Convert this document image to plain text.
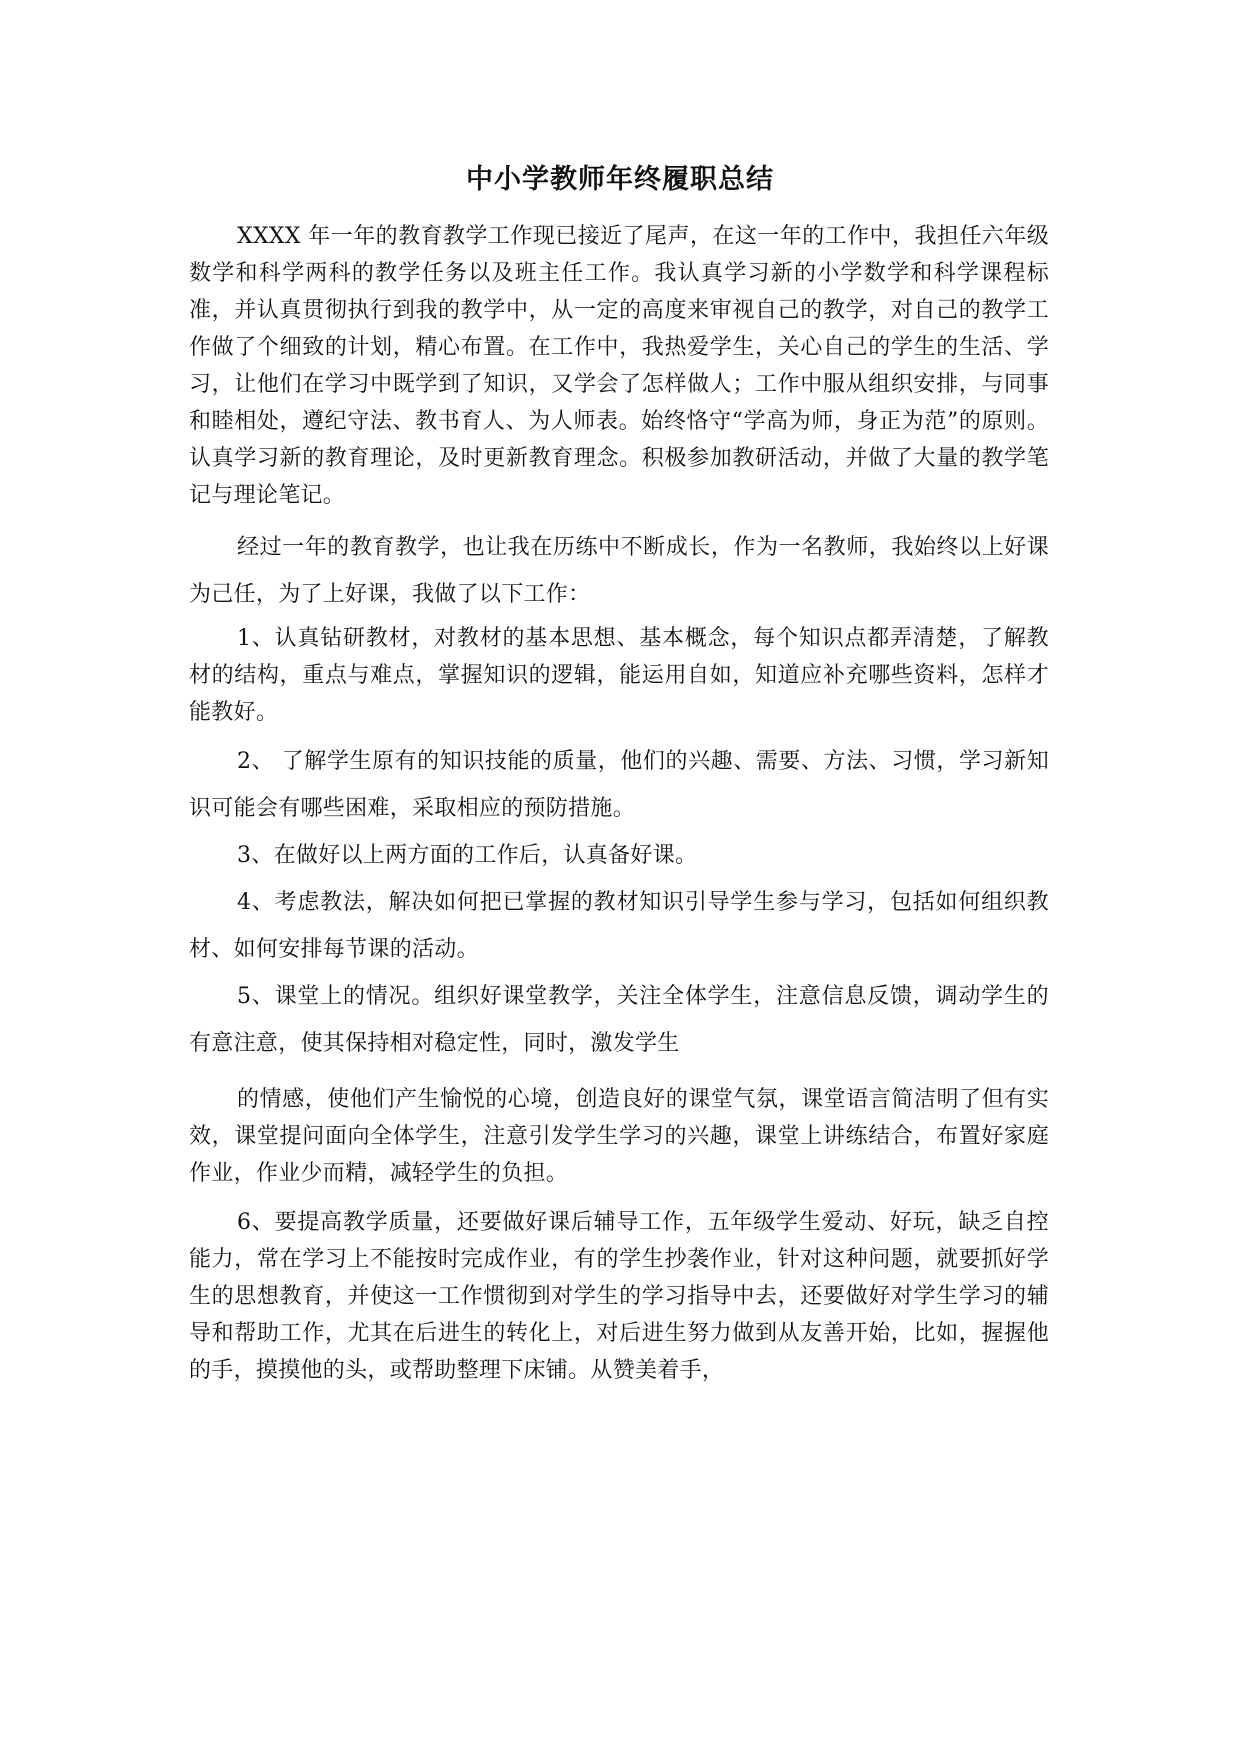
中小学教师年终履职总结

XXXX 年一年的教育教学工作现已接近了尾声，在这一年的工作中，我担任六年级数学和科学两科的教学任务以及班主任工作。我认真学习新的小学数学和科学课程标准，并认真贯彻执行到我的教学中，从一定的高度来审视自己的教学，对自己的教学工作做了个细致的计划，精心布置。在工作中，我热爱学生，关心自己的学生的生活、学习，让他们在学习中既学到了知识，又学会了怎样做人；工作中服从组织安排，与同事和睦相处，遵纪守法、教书育人、为人师表。始终恪守“学高为师，身正为范”的原则。认真学习新的教育理论，及时更新教育理念。积极参加教研活动，并做了大量的教学笔记与理论笔记。

经过一年的教育教学，也让我在历练中不断成长，作为一名教师，我始终以上好课为己任，为了上好课，我做了以下工作：

1、认真钻研教材，对教材的基本思想、基本概念，每个知识点都弄清楚，了解教材的结构，重点与难点，掌握知识的逻辑，能运用自如，知道应补充哪些资料，怎样才能教好。

2、 了解学生原有的知识技能的质量，他们的兴趣、需要、方法、习惯，学习新知识可能会有哪些困难，采取相应的预防措施。

3、在做好以上两方面的工作后，认真备好课。

4、考虑教法，解决如何把已掌握的教材知识引导学生参与学习，包括如何组织教材、如何安排每节课的活动。

5、课堂上的情况。组织好课堂教学，关注全体学生，注意信息反馈，调动学生的有意注意，使其保持相对稳定性，同时，激发学生

的情感，使他们产生愉悦的心境，创造良好的课堂气氛，课堂语言简洁明了但有实效，课堂提问面向全体学生，注意引发学生学习的兴趣，课堂上讲练结合，布置好家庭作业，作业少而精，减轻学生的负担。

6、要提高教学质量，还要做好课后辅导工作，五年级学生爱动、好玩，缺乏自控能力，常在学习上不能按时完成作业，有的学生抄袭作业，针对这种问题，就要抓好学生的思想教育，并使这一工作惯彻到对学生的学习指导中去，还要做好对学生学习的辅导和帮助工作，尤其在后进生的转化上，对后进生努力做到从友善开始，比如，握握他的手，摸摸他的头，或帮助整理下床铺。从赞美着手，
